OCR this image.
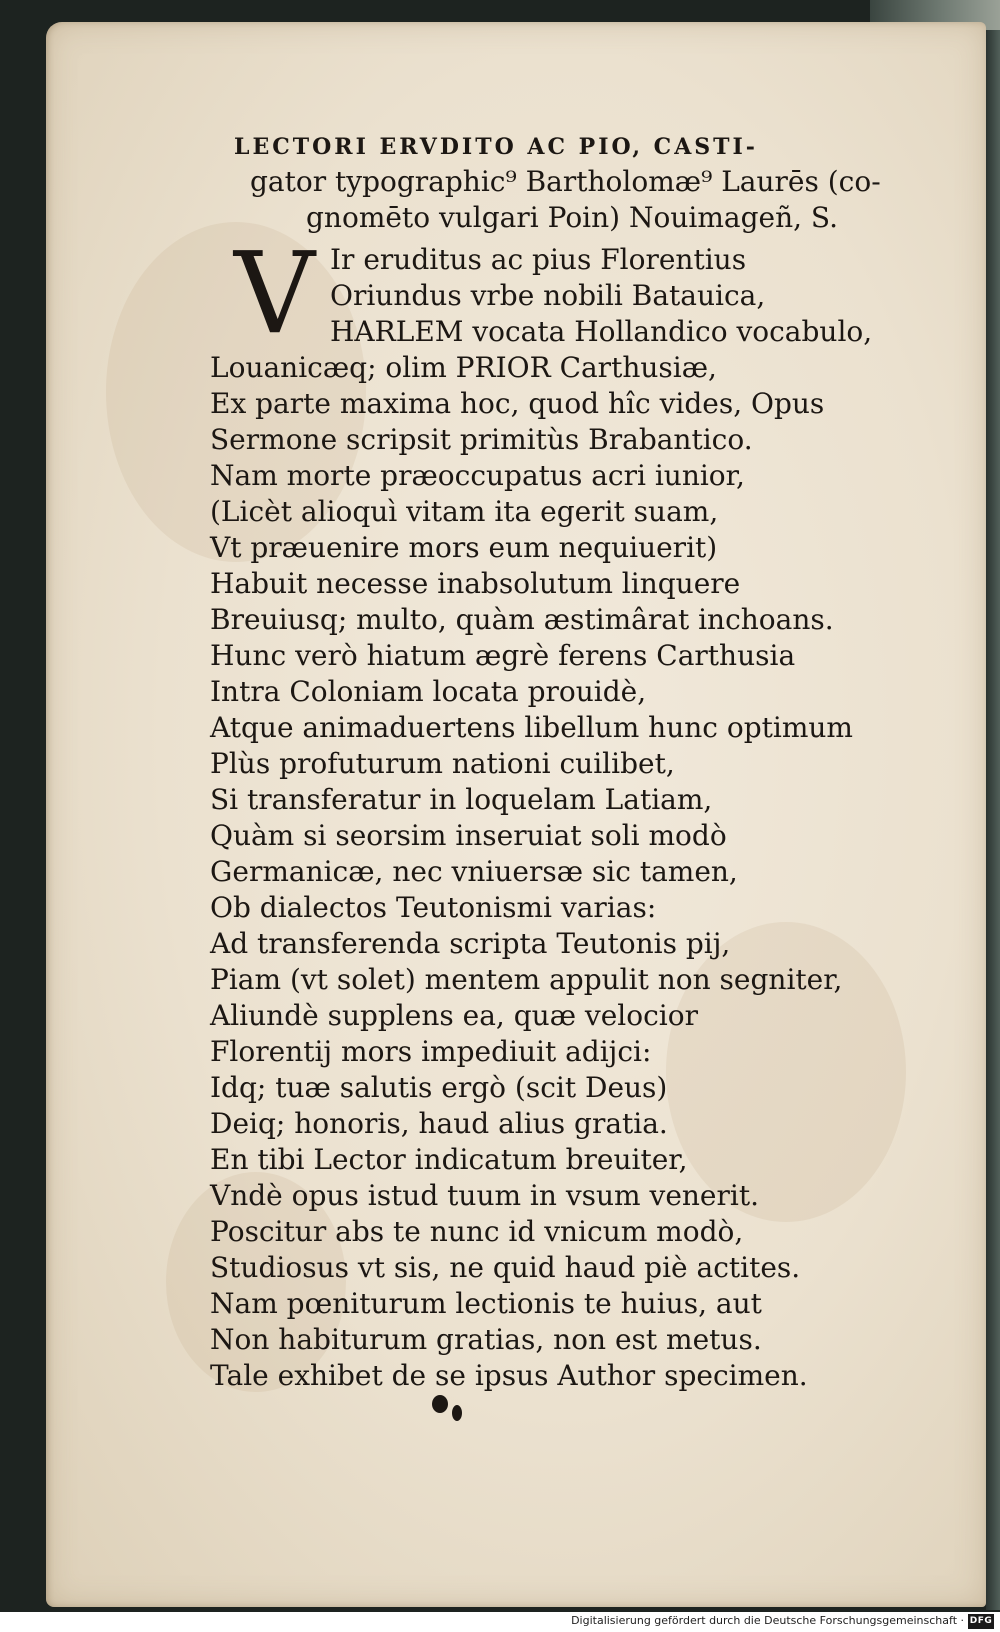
LECTORI ERVDITO AC PIO, CASTI-
gator typographic⁹ Bartholomæ⁹ Laurēs (co-
gnomēto vulgari Poin) Nouimageñ, S.
V Ir eruditus ac pius Florentius
Oriundus vrbe nobili Batauica,
HARLEM vocata Hollandico vocabulo,
Louanicæq; olim PRIOR Carthusiæ,
Ex parte maxima hoc, quod hîc vides, Opus
Sermone scripsit primitùs Brabantico.
Nam morte præoccupatus acri iunior,
(Licèt alioquì vitam ita egerit suam,
Vt præuenire mors eum nequiuerit)
Habuit necesse inabsolutum linquere
Breuiusq; multo, quàm æstimârat inchoans.
Hunc verò hiatum ægrè ferens Carthusia
Intra Coloniam locata prouidè,
Atque animaduertens libellum hunc optimum
Plùs profuturum nationi cuilibet,
Si transferatur in loquelam Latiam,
Quàm si seorsim inseruiat soli modò
Germanicæ, nec vniuersæ sic tamen,
Ob dialectos Teutonismi varias:
Ad transferenda scripta Teutonis pij,
Piam (vt solet) mentem appulit non segniter,
Aliundè supplens ea, quæ velocior
Florentij mors impediuit adijci:
Idq; tuæ salutis ergò (scit Deus)
Deiq; honoris, haud alius gratia.
En tibi Lector indicatum breuiter,
Vndè opus istud tuum in vsum venerit.
Poscitur abs te nunc id vnicum modò,
Studiosus vt sis, ne quid haud piè actites.
Nam pœniturum lectionis te huius, aut
Non habiturum gratias, non est metus.
Tale exhibet de se ipsus Author specimen.
Digitalisierung gefördert durch die Deutsche Forschungsgemeinschaft · DFG
